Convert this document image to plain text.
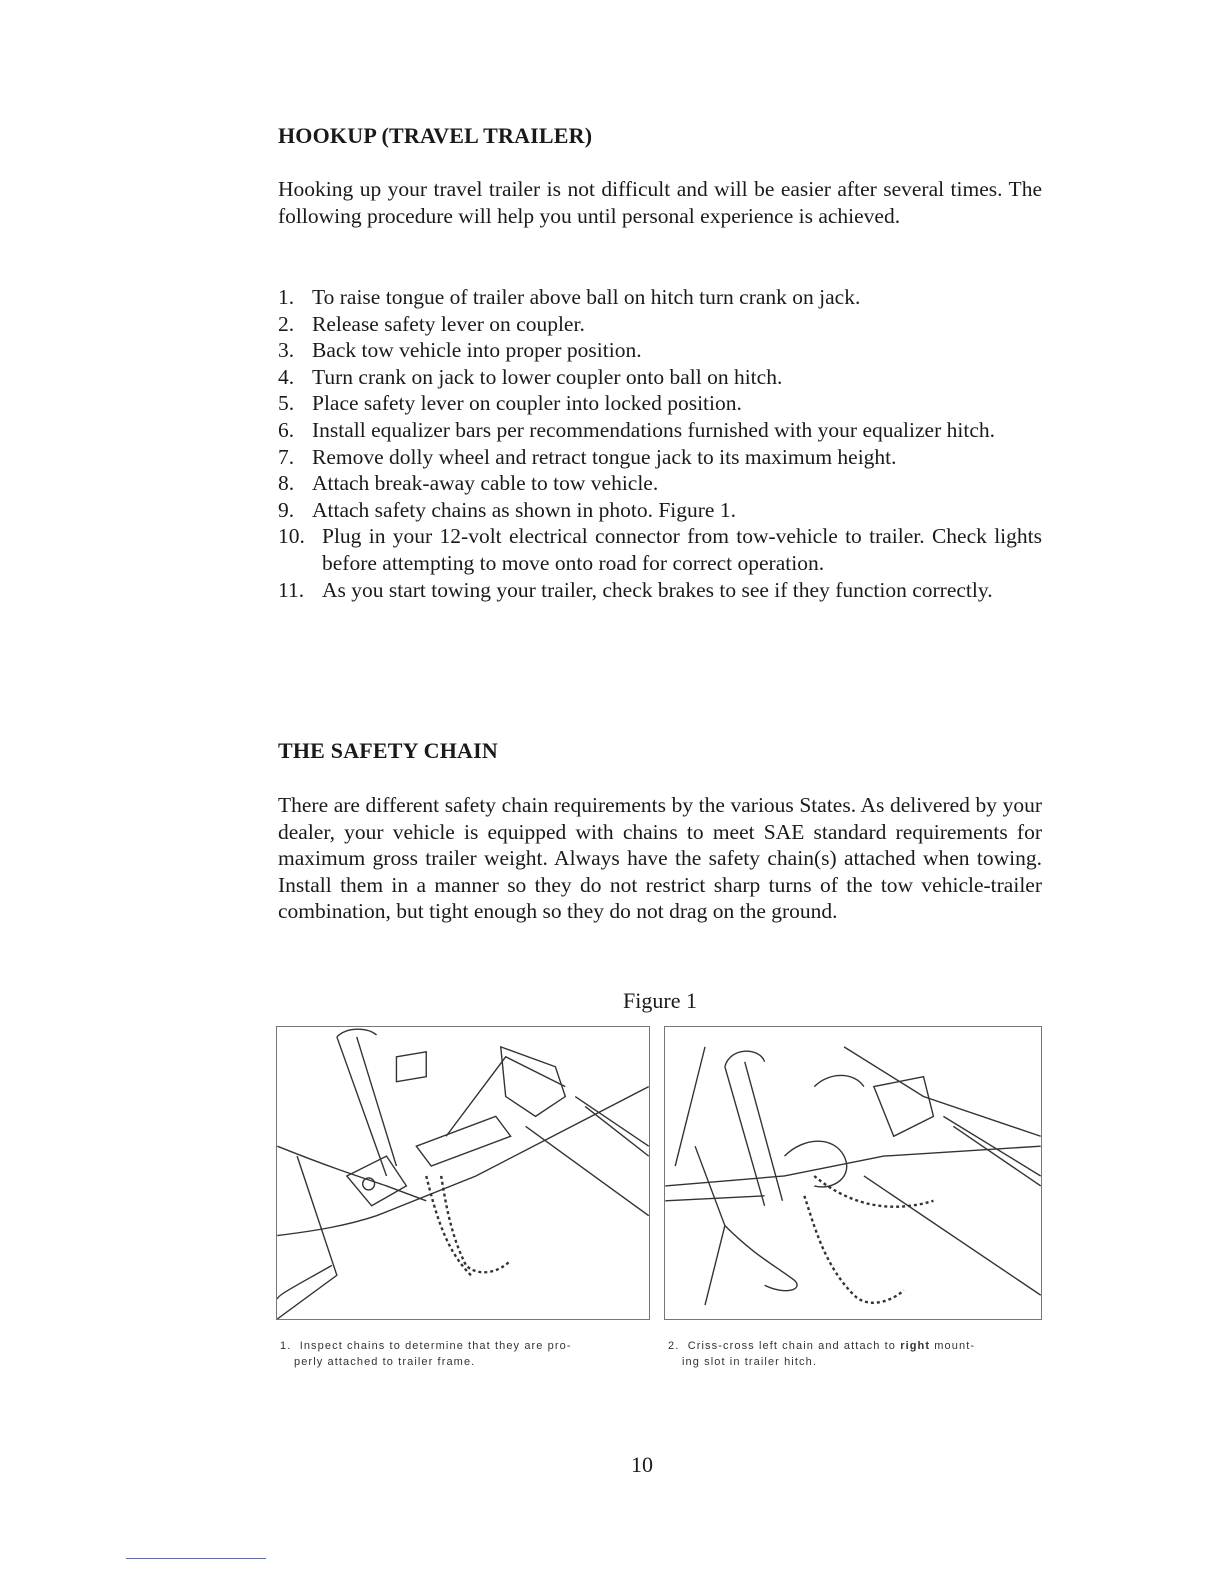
HOOKUP (TRAVEL TRAILER)

Hooking up your travel trailer is not difficult and will be easier after several times. The following procedure will help you until personal experience is achieved.

1. To raise tongue of trailer above ball on hitch turn crank on jack.
2. Release safety lever on coupler.
3. Back tow vehicle into proper position.
4. Turn crank on jack to lower coupler onto ball on hitch.
5. Place safety lever on coupler into locked position.
6. Install equalizer bars per recommendations furnished with your equalizer hitch.
7. Remove dolly wheel and retract tongue jack to its maximum height.
8. Attach break-away cable to tow vehicle.
9. Attach safety chains as shown in photo. Figure 1.
10. Plug in your 12-volt electrical connector from tow-vehicle to trailer. Check lights before attempting to move onto road for correct operation.
11. As you start towing your trailer, check brakes to see if they function correctly.
THE SAFETY CHAIN

There are different safety chain requirements by the various States. As delivered by your dealer, your vehicle is equipped with chains to meet SAE standard requirements for maximum gross trailer weight. Always have the safety chain(s) attached when towing. Install them in a manner so they do not restrict sharp turns of the tow vehicle-trailer combination, but tight enough so they do not drag on the ground.

Figure 1

1. Inspect chains to determine that they are pro-
perly attached to trailer frame.

2. Criss-cross left chain and attach to right mount-
ing slot in trailer hitch.

10
